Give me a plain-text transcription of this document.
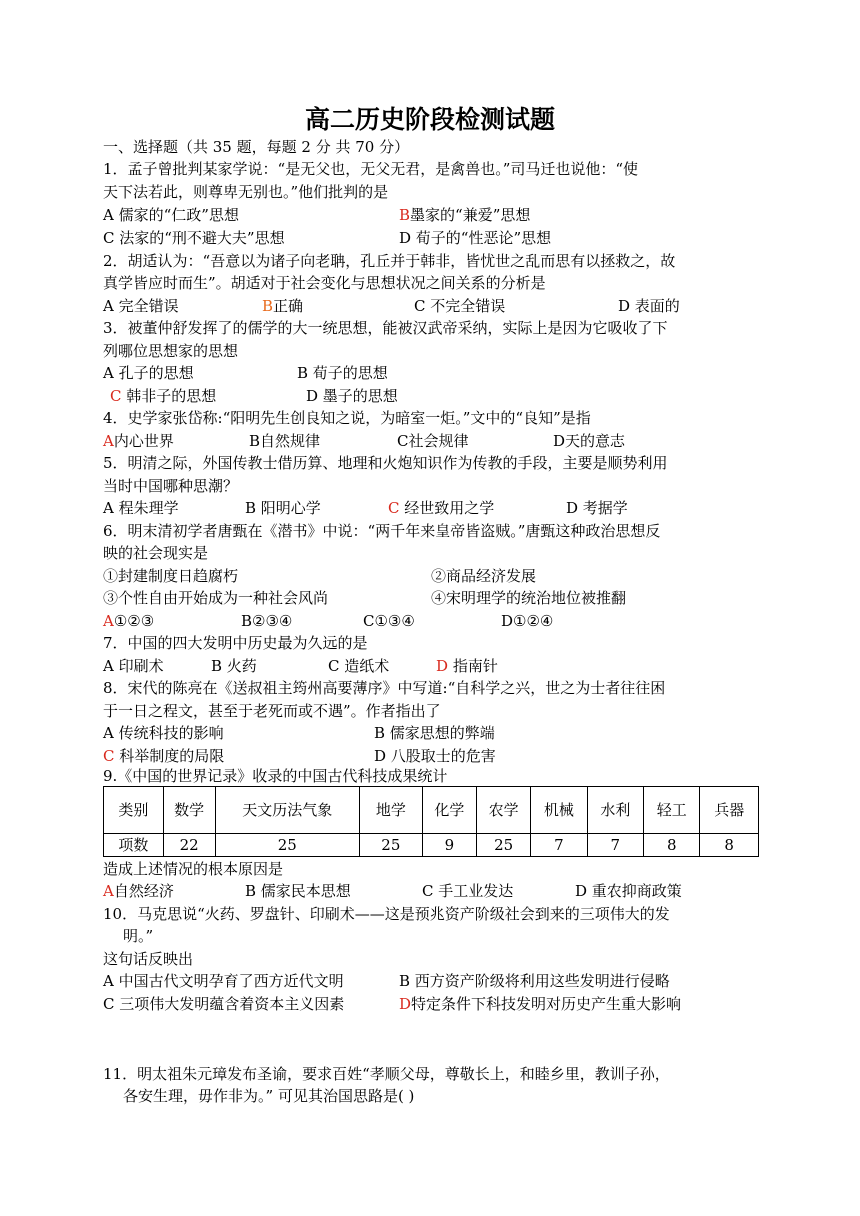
高二历史阶段检测试题
一、选择题（共 35 题，每题 2 分 共 70 分）
1．孟子曾批判某家学说：“是无父也，无父无君，是禽兽也。”司马迁也说他：“使
天下法若此，则尊卑无别也。”他们批判的是
A 儒家的“仁政”思想	B墨家的“兼爱”思想
C 法家的“刑不避大夫”思想	D 荀子的“性恶论”思想
2．胡适认为：“吾意以为诸子向老聃，孔丘并于韩非，皆忧世之乱而思有以拯救之，故
真学皆应时而生”。胡适对于社会变化与思想状况之间关系的分析是
A 完全错误	B正确	C 不完全错误	D 表面的
3．被董仲舒发挥了的儒学的大一统思想，能被汉武帝采纳，实际上是因为它吸收了下
列哪位思想家的思想
A 孔子的思想	B 荀子的思想
C 韩非子的思想	D 墨子的思想
4．史学家张岱称:“阳明先生创良知之说，为暗室一炬。”文中的“良知”是指
A内心世界	B自然规律	C社会规律	D天的意志
5．明清之际，外国传教士借历算、地理和火炮知识作为传教的手段，主要是顺势利用
当时中国哪种思潮？
A 程朱理学	B 阳明心学	C 经世致用之学	D 考据学
6．明末清初学者唐甄在《潜书》中说：“两千年来皇帝皆盗贼。”唐甄这种政治思想反
映的社会现实是
①封建制度日趋腐朽	②商品经济发展
③个性自由开始成为一种社会风尚	④宋明理学的统治地位被推翻
A①②③	B②③④	C①③④	D①②④
7．中国的四大发明中历史最为久远的是
A 印刷术	B 火药	C 造纸术	D 指南针
8．宋代的陈亮在《送叔祖主筠州高要薄序》中写道:“自科学之兴，世之为士者往往困
于一日之程文，甚至于老死而或不遇”。作者指出了
A 传统科技的影响	B 儒家思想的弊端
C 科举制度的局限	D 八股取士的危害
9.《中国的世界记录》收录的中国古代科技成果统计
类别	数学	天文历法气象	地学	化学	农学	机械	水利	轻工	兵器
项数	22	25	25	9	25	7	7	8	8
造成上述情况的根本原因是
A自然经济	B 儒家民本思想	C 手工业发达	D 重农抑商政策
10．马克思说“火药、罗盘针、印刷术——这是预兆资产阶级社会到来的三项伟大的发
明。”
这句话反映出
A 中国古代文明孕育了西方近代文明	B 西方资产阶级将利用这些发明进行侵略
C 三项伟大发明蕴含着资本主义因素	D特定条件下科技发明对历史产生重大影响
11．明太祖朱元璋发布圣谕，要求百姓“孝顺父母，尊敬长上，和睦乡里，教训子孙，
各安生理，毋作非为。” 可见其治国思路是( )
